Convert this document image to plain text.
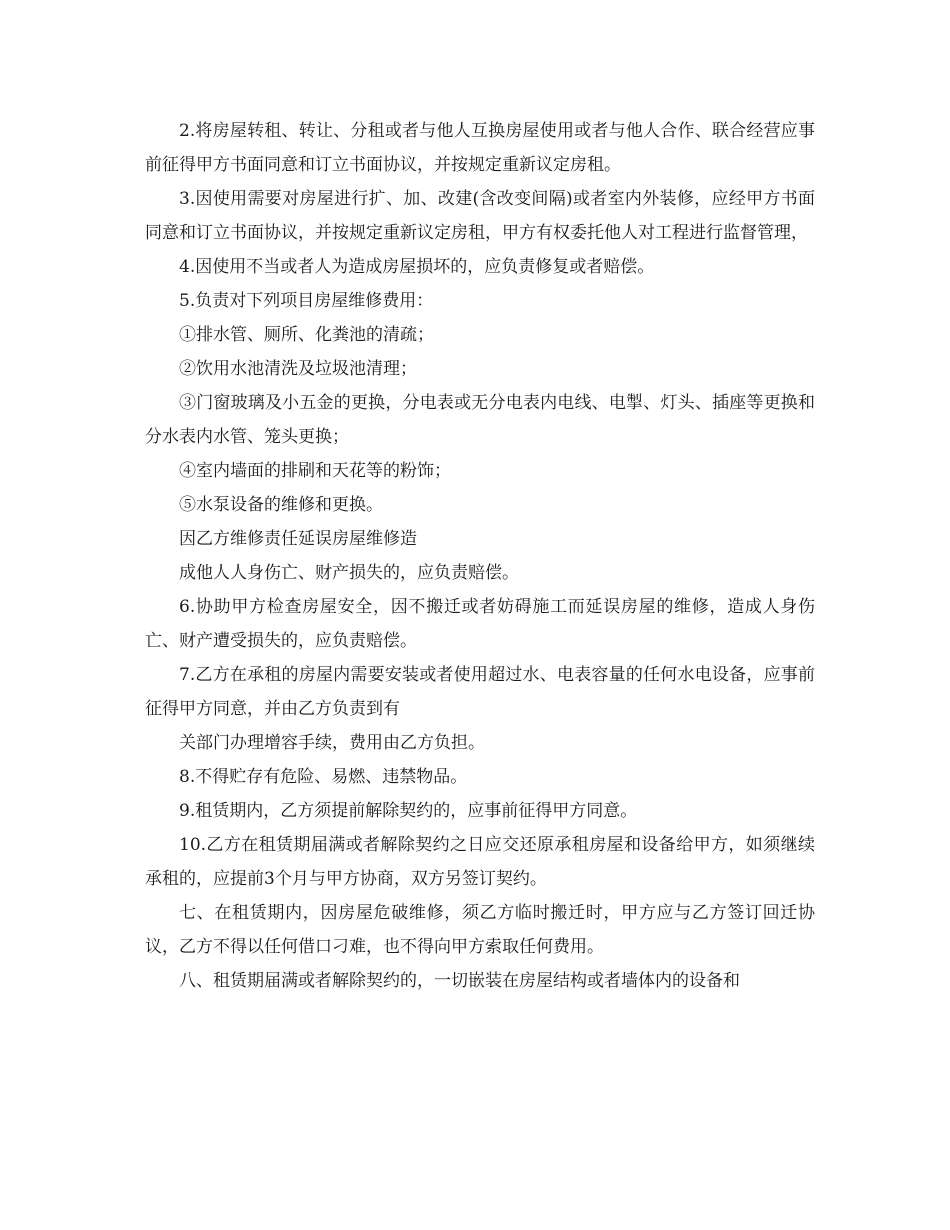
2.将房屋转租、转让、分租或者与他人互换房屋使用或者与他人合作、联合经营应事前征得甲方书面同意和订立书面协议，并按规定重新议定房租。

3.因使用需要对房屋进行扩、加、改建(含改变间隔)或者室内外装修，应经甲方书面同意和订立书面协议，并按规定重新议定房租，甲方有权委托他人对工程进行监督管理，

4.因使用不当或者人为造成房屋损坏的，应负责修复或者赔偿。

5.负责对下列项目房屋维修费用：

①排水管、厕所、化粪池的清疏；

②饮用水池清洗及垃圾池清理；

③门窗玻璃及小五金的更换，分电表或无分电表内电线、电掣、灯头、插座等更换和分水表内水管、笼头更换；

④室内墙面的排刷和天花等的粉饰；

⑤水泵设备的维修和更换。

因乙方维修责任延误房屋维修造

成他人人身伤亡、财产损失的，应负责赔偿。

6.协助甲方检查房屋安全，因不搬迁或者妨碍施工而延误房屋的维修，造成人身伤亡、财产遭受损失的，应负责赔偿。

7.乙方在承租的房屋内需要安装或者使用超过水、电表容量的任何水电设备，应事前征得甲方同意，并由乙方负责到有

关部门办理增容手续，费用由乙方负担。

8.不得贮存有危险、易燃、违禁物品。

9.租赁期内，乙方须提前解除契约的，应事前征得甲方同意。

10.乙方在租赁期届满或者解除契约之日应交还原承租房屋和设备给甲方，如须继续承租的，应提前3个月与甲方协商，双方另签订契约。

七、在租赁期内，因房屋危破维修，须乙方临时搬迁时，甲方应与乙方签订回迁协议，乙方不得以任何借口刁难，也不得向甲方索取任何费用。

八、租赁期届满或者解除契约的，一切嵌装在房屋结构或者墙体内的设备和
